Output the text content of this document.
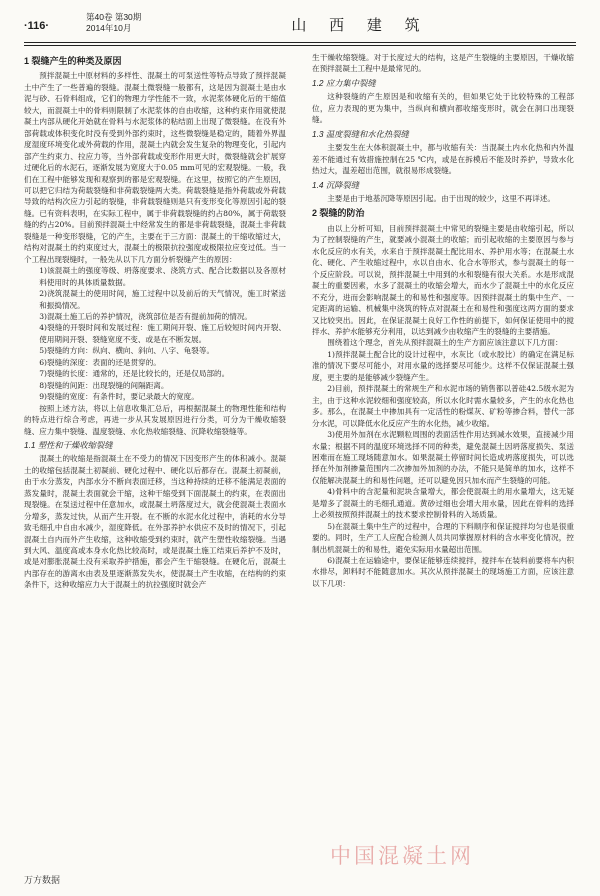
·116·
第40卷 第30期
2014年10月	山 西 建 筑
1 裂缝产生的种类及原因

预拌混凝土中原材料的多样性、混凝土的可泵送性等特点导致了预拌混凝土中产生了一些普遍的裂缝。混凝土微裂缝一般都有，这是因为混凝土是由水泥与砂、石骨料组成，它们的物理力学性能不一致，水泥浆体硬化后的干缩值较大，而混凝土中的骨料则限制了水泥浆体的自由收缩，这种约束作用就使混凝土内部从硬化开始就在骨料与水泥浆体的粘结面上出现了微裂缝。在没有外部荷载或体积变化时没有受到外部约束时，这些微裂缝是稳定的，随着外界温度湿度环境变化或外荷载的作用，混凝土内就会发生复杂的物理变化，引起内部产生约束力、拉应力等，当外部荷载或变形作用更大时，微裂缝就会扩展穿过硬化后的水泥石，逐渐发展为宽度大于0.05 mm可见的宏观裂缝。一般，我们在工程中能够发现和观察到的都是宏观裂缝。在这里，按照它的产生原因，可以把它归结为荷载裂缝和非荷载裂缝两大类。荷载裂缝是指外荷载或外荷载导致的结构次应力引起的裂缝，非荷载裂缝则是只有变形变化等原因引起的裂缝。已有资料表明，在实际工程中，属于非荷载裂缝的约占80%，属于荷载裂缝的约占20%。目前预拌混凝土中经常发生的都是非荷载裂缝，混凝土非荷载裂缝是一种变形裂缝，它的产生，主要在于三方面：混凝土的干缩收缩过大，结构对混凝土的约束度过大，混凝土的极限抗拉强度或极限拉应变过低。当一个工程出现裂缝时，一般先从以下几方面分析裂缝产生的原因：

1)该混凝土的强度等级、坍落度要求、浇筑方式、配合比数据以及各原材料使用时的具体质量数据。

2)浇筑混凝土的使用时间，施工过程中以及前后的天气情况，施工时紧送和振捣情况。

3)混凝土施工后的养护情况，浇筑部位是否有提前加荷的情况。

4)裂缝的开裂时间和发展过程：施工期间开裂、施工后较短时间内开裂、使用期间开裂、裂缝宽度不变、或是在不断发展。

5)裂缝的方向：纵向、横向、斜向、八字、龟裂等。

6)裂缝的深度：表面的还是贯穿的。

7)裂缝的长度：通常的，还是比较长的，还是仅局部的。

8)裂缝的间距：出现裂缝的间隔距离。

9)裂缝的宽度：有条件时，要记录最大的宽度。

按照上述方法，将以上信息收集汇总后，再根据混凝土的物理性能和结构的特点进行综合考虑，再进一步从其发展原因进行分类，可分为干燥收缩裂缝、应力集中裂缝、温度裂缝、水化热收缩裂缝、沉降收缩裂缝等。

1.1 塑性和干燥收缩裂缝

混凝土的收缩是指混凝土在不受力的情况下因变形产生的体积减小。混凝土的收缩包括混凝土初凝前、硬化过程中、硬化以后都存在。混凝土初凝前，由于水分蒸发，内部水分不断向表面迁移，当这种持续的迁移不能满足表面的蒸发量时，混凝土表面就会干缩，这种干缩受到下面混凝土的约束，在表面出现裂缝。在泵送过程中任意加水，或混凝土坍落度过大，就会使混凝土表面水分增多，蒸发过快，从而产生开裂。在不断的水泥水化过程中，消耗的水分导致毛细孔中自由水减少，湿度降低。在外部养护水供应不及时的情况下，引起混凝土自内而外产生收缩，这种收缩受到约束时，就产生塑性收缩裂缝。当遇到大风、温度高或本身水化热比较高时，或是混凝土施工结束后养护不及时，或是对膨胀混凝土没有采取养护措施，都会产生干缩裂缝。在硬化后，混凝土内部存在的游离水由表及里逐渐蒸发失水，使混凝土产生收缩，在结构的约束条件下，这种收缩应力大于混凝土的抗拉强度时就会产

生干燥收缩裂缝。对于长度过大的结构，这是产生裂缝的主要原因，干燥收缩在预拌混凝土工程中是最常见的。

1.2 应力集中裂缝

这种裂缝的产生原因是和收缩有关的，但如果它处于比较特殊的工程部位，应力表现的更为集中，当纵向和横向都收缩变形时，就会在洞口出现裂缝。

1.3 温度裂缝和水化热裂缝

主要发生在大体积混凝土中，都与收缩有关：当混凝土内水化热和内外温差不能通过有效措施控制在25 ℃内，或是在拆模后不能及时养护，导致水化热过大，温差超出范围，就很易形成裂缝。

1.4 沉降裂缝

主要是由于地基沉降等原因引起。由于出现的较少，这里不再详述。

2 裂缝的防治

由以上分析可知，目前预拌混凝土中常见的裂缝主要是由收缩引起，所以为了控制裂缝的产生，就要减小混凝土的收缩；而引起收缩的主要原因与参与水化反应的水有关，水来自于预拌混凝土配比用水、养护用水等；在混凝土水化、硬化、产生收缩过程中，水以自由水、化合水等形式，参与混凝土的每一个反应阶段。可以说，预拌混凝土中用到的水和裂缝有很大关系。水是形成混凝土的重要因素，水多了混凝土的收缩会增大，而水少了混凝土中的水化反应不充分，进而会影响混凝土的和易性和强度等。因预拌混凝土的集中生产、一定距离的运输、机械集中浇筑的特点对混凝土在和易性和强度这两方面的要求又比较突出。因此，在保证混凝土良好工作性的前提下，如何保证使用中的搅拌水、养护水能够充分利用，以达到减少由收缩产生的裂缝的主要措施。

围绕着这个理念，首先从预拌混凝土的生产方面应该注意以下几方面：

1)预拌混凝土配合比的设计过程中，水灰比（或水胶比）的确定在满足标准的情况下要尽可能小，对用水量的选择要尽可能少。这样不仅保证混凝土强度，更主要的是能够减少裂缝产生。

2)目前，预拌混凝土的常规生产和水泥市场的销售都以普硅42.5级水泥为主，由于这种水泥较细和强度较高，所以水化时需水量较多，产生的水化热也多。那么，在混凝土中掺加具有一定活性的粉煤灰、矿粉等掺合料，替代一部分水泥，可以降低水化反应产生的水化热，减少收缩。

3)使用外加剂在水泥颗粒周围的表面活性作用达到减水效果，直接减少用水量；根据不同的温度环境选择不同的种类，避免混凝土因坍落度损失、泵送困难而在施工现场随意加水。如果混凝土停留时间长造成坍落度损失，可以选择在外加剂掺量范围内二次掺加外加剂的办法，不能只是简单的加水，这样不仅能解决混凝土的和易性问题，还可以避免因只加水而产生裂缝的可能。

4)骨料中的含泥量和泥块含量增大，都会使混凝土的用水量增大，这无疑是增多了混凝土的毛细孔通道。黄砂过细也会增大用水量，因此在骨料的选择上必须按照预拌混凝土的技术要求控制骨料的入场质量。

5)在混凝土集中生产的过程中，合理的下料顺序和保证搅拌均匀也是很重要的。同时，生产工人应配合检测人员共同掌握原材料的含水率变化情况，控制出机混凝土的和易性，避免实际用水量超出范围。

6)混凝土在运输途中，要保证能够连续搅拌，搅拌车在装料前要将车内积水排尽，卸料时不能随意加水。其次从预拌混凝土的现场施工方面，应该注意以下几项：

中国混凝土网
万方数据
